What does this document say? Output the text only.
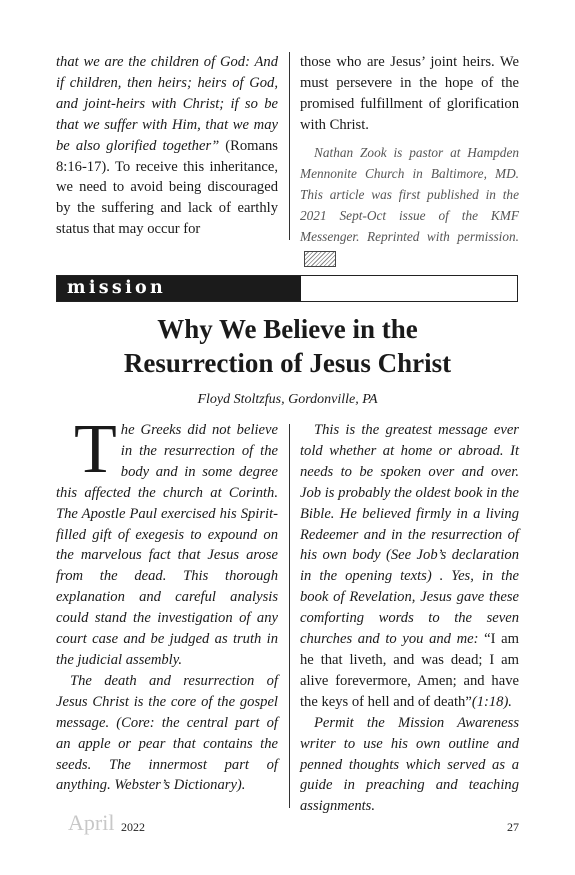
that we are the children of God: And if children, then heirs; heirs of God, and joint-heirs with Christ; if so be that we suffer with Him, that we may be also glorified together” (Romans 8:16-17). To receive this inheritance, we need to avoid being discouraged by the suffering and lack of earthly status that may occur for

those who are Jesus’ joint heirs. We must persevere in the hope of the promised fulfillment of glorification with Christ.

Nathan Zook is pastor at Hampden Mennonite Church in Baltimore, MD. This article was first published in the 2021 Sept-Oct issue of the KMF Messenger. Reprinted with permission.

mission awareness
Why We Believe in the
Resurrection of Jesus Christ
Floyd Stoltzfus, Gordonville, PA

The Greeks did not believe in the resurrection of the body and in some degree this affected the church at Corinth. The Apostle Paul exercised his Spirit-filled gift of exegesis to expound on the marvelous fact that Jesus arose from the dead. This thorough explanation and careful analysis could stand the investigation of any court case and be judged as truth in the judicial assembly.

The death and resurrection of Jesus Christ is the core of the gospel message. (Core: the central part of an apple or pear that contains the seeds. The innermost part of anything. Webster’s Dictionary).

This is the greatest message ever told whether at home or abroad. It needs to be spoken over and over. Job is probably the oldest book in the Bible. He believed firmly in a living Redeemer and in the resurrection of his own body (See Job’s declaration in the opening texts) . Yes, in the book of Revelation, Jesus gave these comforting words to the seven churches and to you and me: “I am he that liveth, and was dead; I am alive forevermore, Amen; and have the keys of hell and of death”(1:18).

Permit the Mission Awareness writer to use his own outline and penned thoughts which served as a guide in preaching and teaching assignments.

April 2022	27
